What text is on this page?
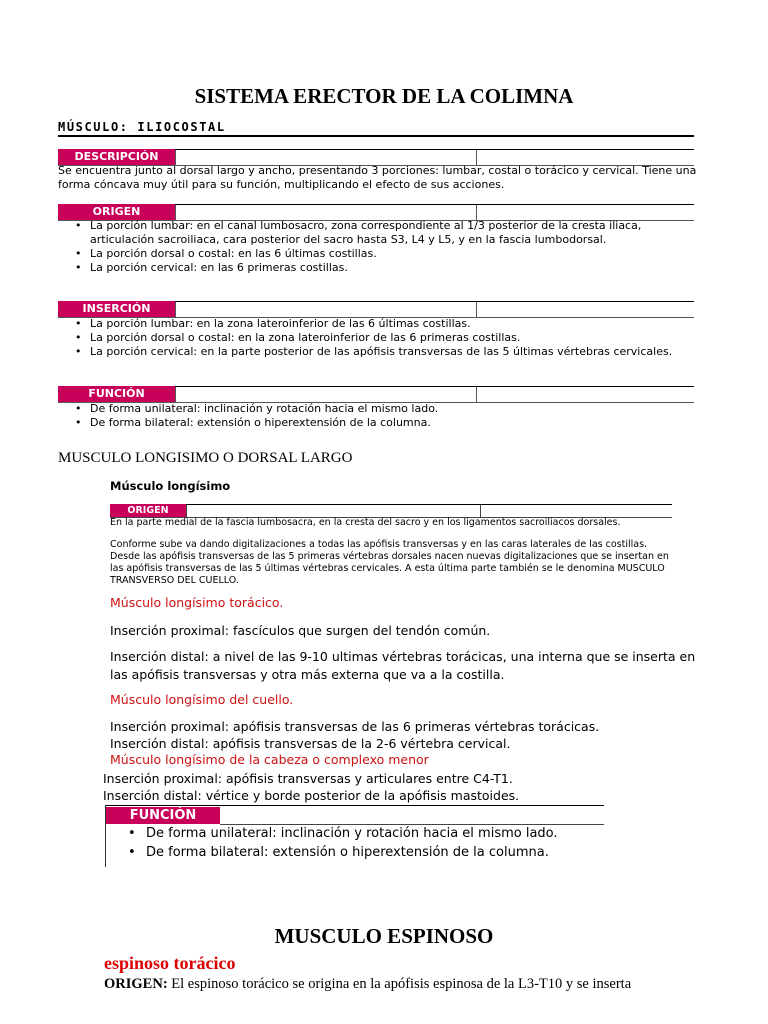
SISTEMA ERECTOR DE LA COLIMNA
MÚSCULO: ILIOCOSTAL
DESCRIPCIÓN
Se encuentra junto al dorsal largo y ancho, presentando 3 porciones: lumbar, costal o torácico y cervical. Tiene una
forma cóncava muy útil para su función, multiplicando el efecto de sus acciones.
ORIGEN
• La porción lumbar: en el canal lumbosacro, zona correspondiente al 1/3 posterior de la cresta iliaca,
articulación sacroiliaca, cara posterior del sacro hasta S3, L4 y L5, y en la fascia lumbodorsal.
• La porción dorsal o costal: en las 6 últimas costillas.
• La porción cervical: en las 6 primeras costillas.
INSERCIÓN
• La porción lumbar: en la zona lateroinferior de las 6 últimas costillas.
• La porción dorsal o costal: en la zona lateroinferior de las 6 primeras costillas.
• La porción cervical: en la parte posterior de las apófisis transversas de las 5 últimas vértebras cervicales.
FUNCIÓN
• De forma unilateral: inclinación y rotación hacia el mismo lado.
• De forma bilateral: extensión o hiperextensión de la columna.
MUSCULO LONGISIMO O DORSAL LARGO
Músculo longísimo
ORIGEN
En la parte medial de la fascia lumbosacra, en la cresta del sacro y en los ligamentos sacroiliacos dorsales.
Conforme sube va dando digitalizaciones a todas las apófisis transversas y en las caras laterales de las costillas.
Desde las apófisis transversas de las 5 primeras vértebras dorsales nacen nuevas digitalizaciones que se insertan en
las apófisis transversas de las 5 últimas vértebras cervicales. A esta última parte también se le denomina MÚSCULO
TRANSVERSO DEL CUELLO.
Músculo longísimo torácico.
Inserción proximal: fascículos que surgen del tendón común.
Inserción distal: a nivel de las 9-10 ultimas vértebras torácicas, una interna que se inserta en
las apófisis transversas y otra más externa que va a la costilla.
Músculo longísimo del cuello.
Inserción proximal: apófisis transversas de las 6 primeras vértebras torácicas.
Inserción distal: apófisis transversas de la 2-6 vértebra cervical.
Músculo longísimo de la cabeza o complexo menor
Inserción proximal: apófisis transversas y articulares entre C4-T1.
Inserción distal: vértice y borde posterior de la apófisis mastoides.
FUNCIÓN
• De forma unilateral: inclinación y rotación hacia el mismo lado.
• De forma bilateral: extensión o hiperextensión de la columna.
MUSCULO ESPINOSO
espinoso torácico
ORIGEN: El espinoso torácico se origina en la apófisis espinosa de la L3-T10 y se inserta
